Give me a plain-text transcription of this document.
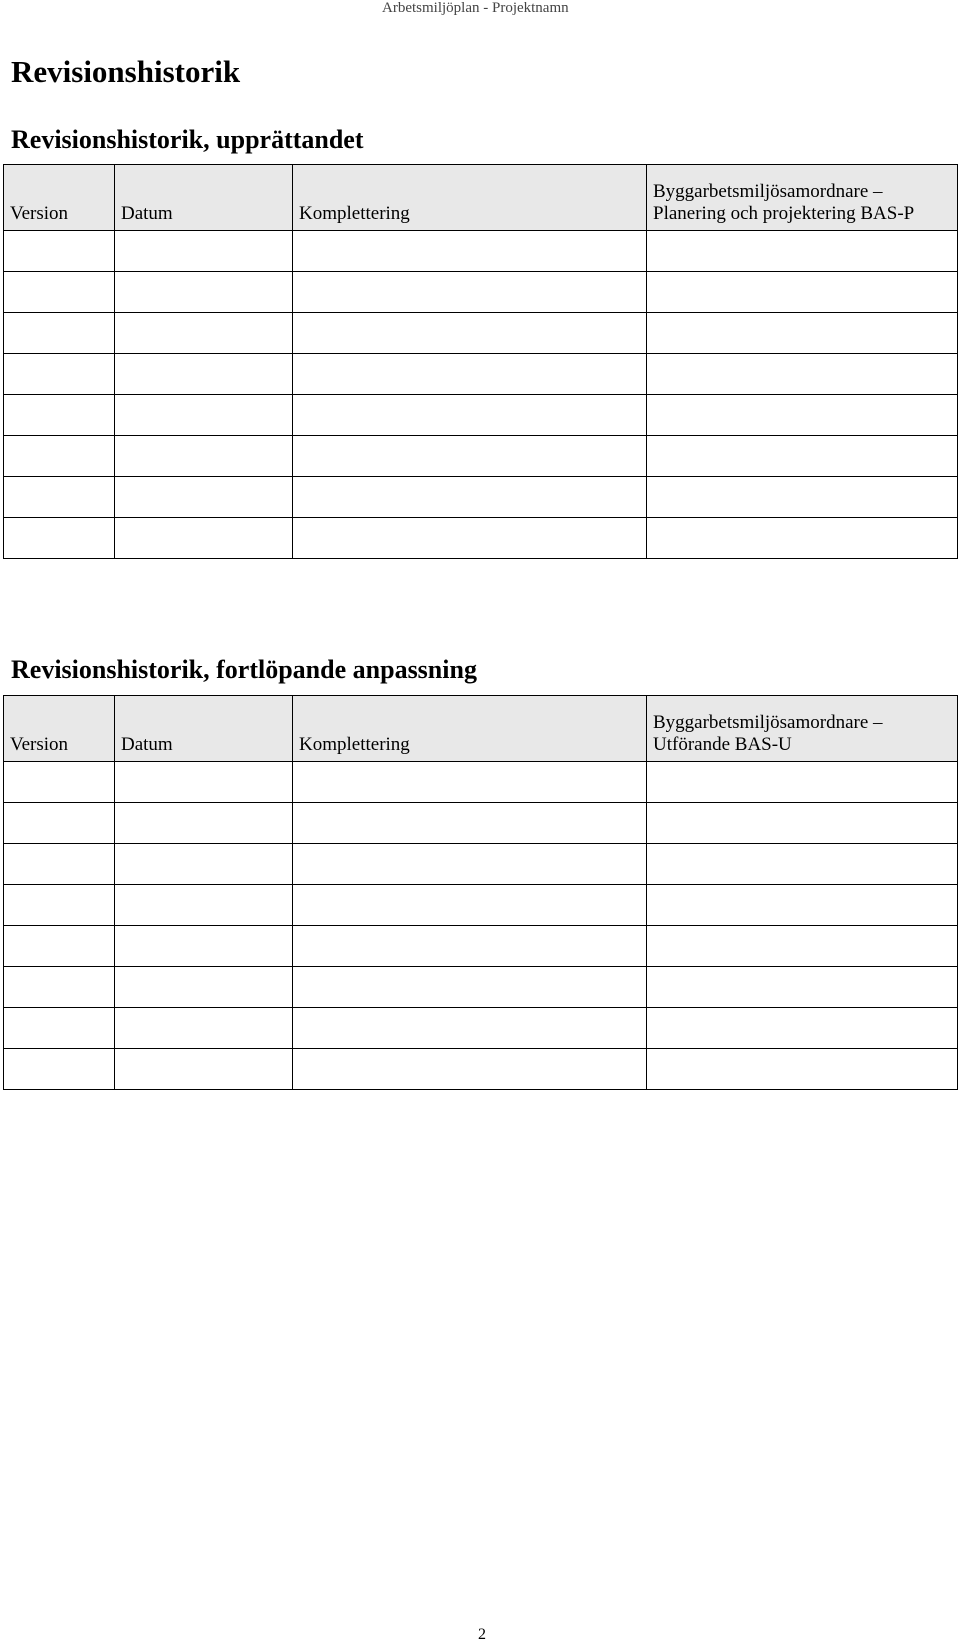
Arbetsmiljöplan - Projektnamn
Revisionshistorik
Revisionshistorik, upprättandet
Version	Datum	Komplettering	Byggarbetsmiljösamordnare –
Planering och projektering BAS-P

Revisionshistorik, fortlöpande anpassning
Version	Datum	Komplettering	Byggarbetsmiljösamordnare –
Utförande BAS-U

2
